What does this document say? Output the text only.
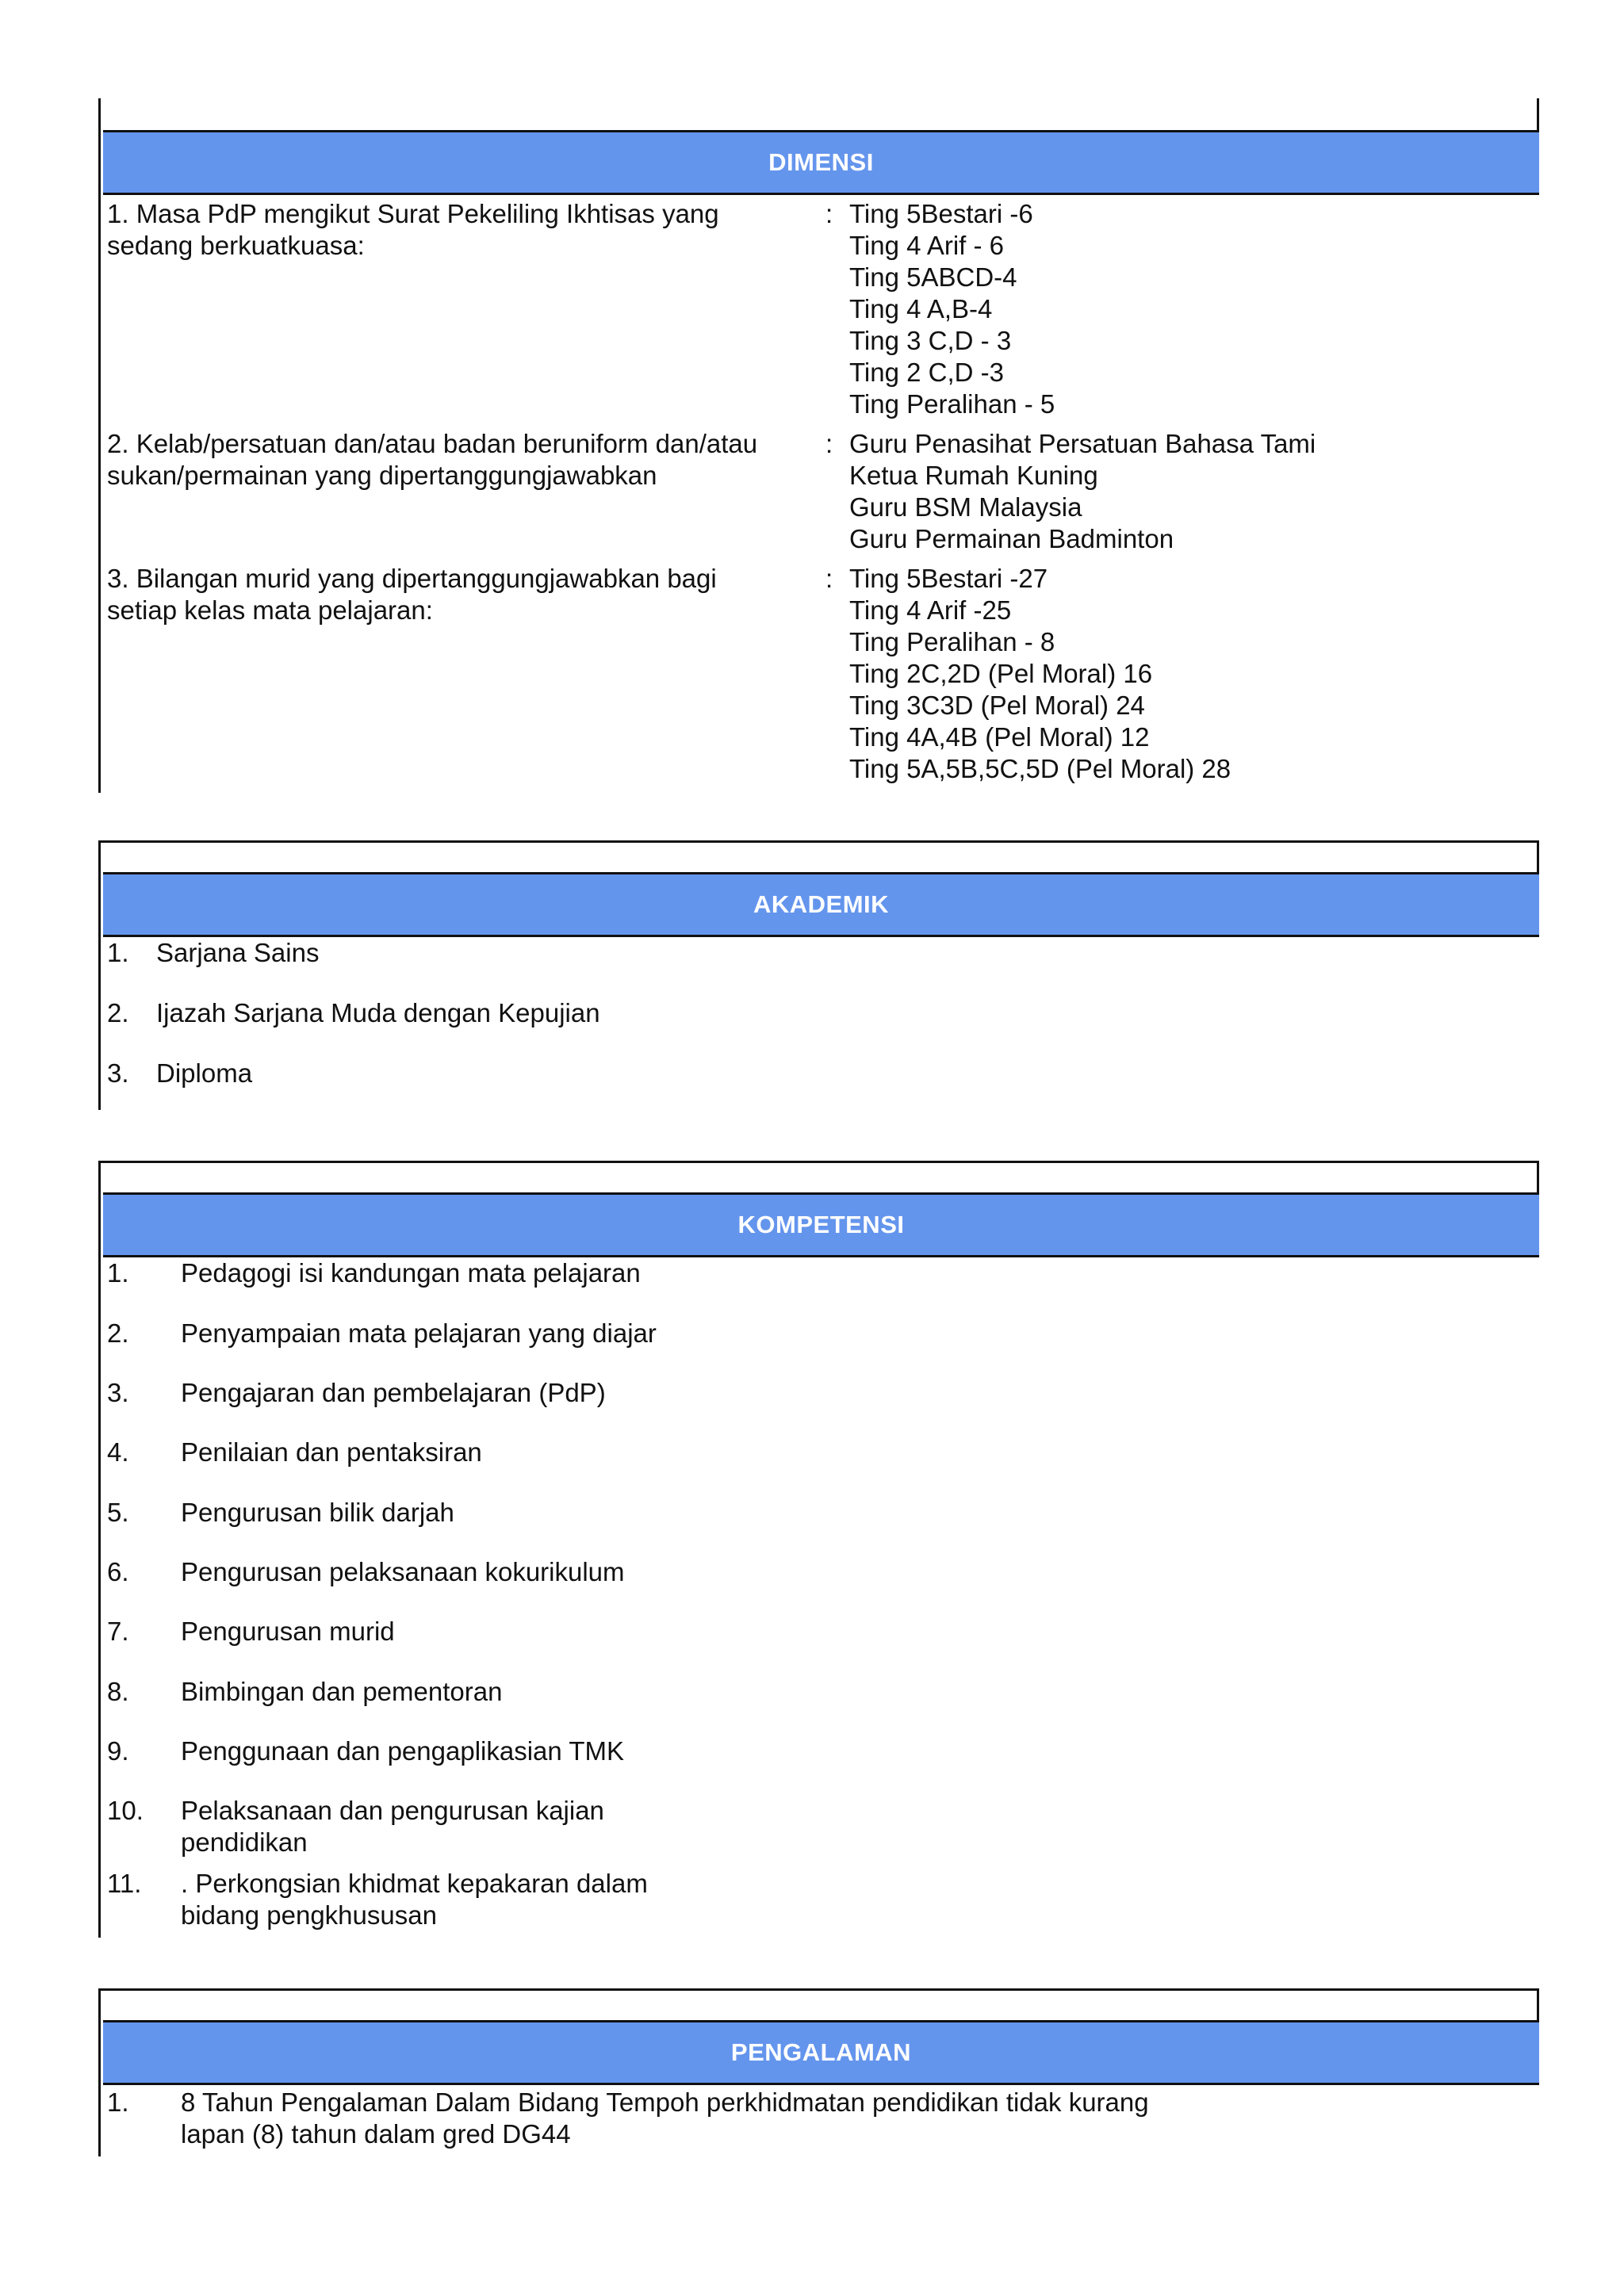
DIMENSI
1. Masa PdP mengikut Surat Pekeliling Ikhtisas yang
sedang berkuatkuasa:
: Ting 5Bestari -6
Ting 4 Arif - 6
Ting 5ABCD-4
Ting 4 A,B-4
Ting 3 C,D - 3
Ting 2 C,D -3
Ting Peralihan - 5
2. Kelab/persatuan dan/atau badan beruniform dan/atau
sukan/permainan yang dipertanggungjawabkan
: Guru Penasihat Persatuan Bahasa Tami
Ketua Rumah Kuning
Guru BSM Malaysia
Guru Permainan Badminton
3. Bilangan murid yang dipertanggungjawabkan bagi
setiap kelas mata pelajaran:
: Ting 5Bestari -27
Ting 4 Arif -25
Ting Peralihan - 8
Ting 2C,2D (Pel Moral) 16
Ting 3C3D (Pel Moral) 24
Ting 4A,4B (Pel Moral) 12
Ting 5A,5B,5C,5D (Pel Moral) 28
AKADEMIK
1. Sarjana Sains
2. Ijazah Sarjana Muda dengan Kepujian
3. Diploma
KOMPETENSI
1. Pedagogi isi kandungan mata pelajaran
2. Penyampaian mata pelajaran yang diajar
3. Pengajaran dan pembelajaran (PdP)
4. Penilaian dan pentaksiran
5. Pengurusan bilik darjah
6. Pengurusan pelaksanaan kokurikulum
7. Pengurusan murid
8. Bimbingan dan pementoran
9. Penggunaan dan pengaplikasian TMK
10. Pelaksanaan dan pengurusan kajian
pendidikan
11. . Perkongsian khidmat kepakaran dalam
bidang pengkhususan
PENGALAMAN
1. 8 Tahun Pengalaman Dalam Bidang Tempoh perkhidmatan pendidikan tidak kurang
lapan (8) tahun dalam gred DG44
